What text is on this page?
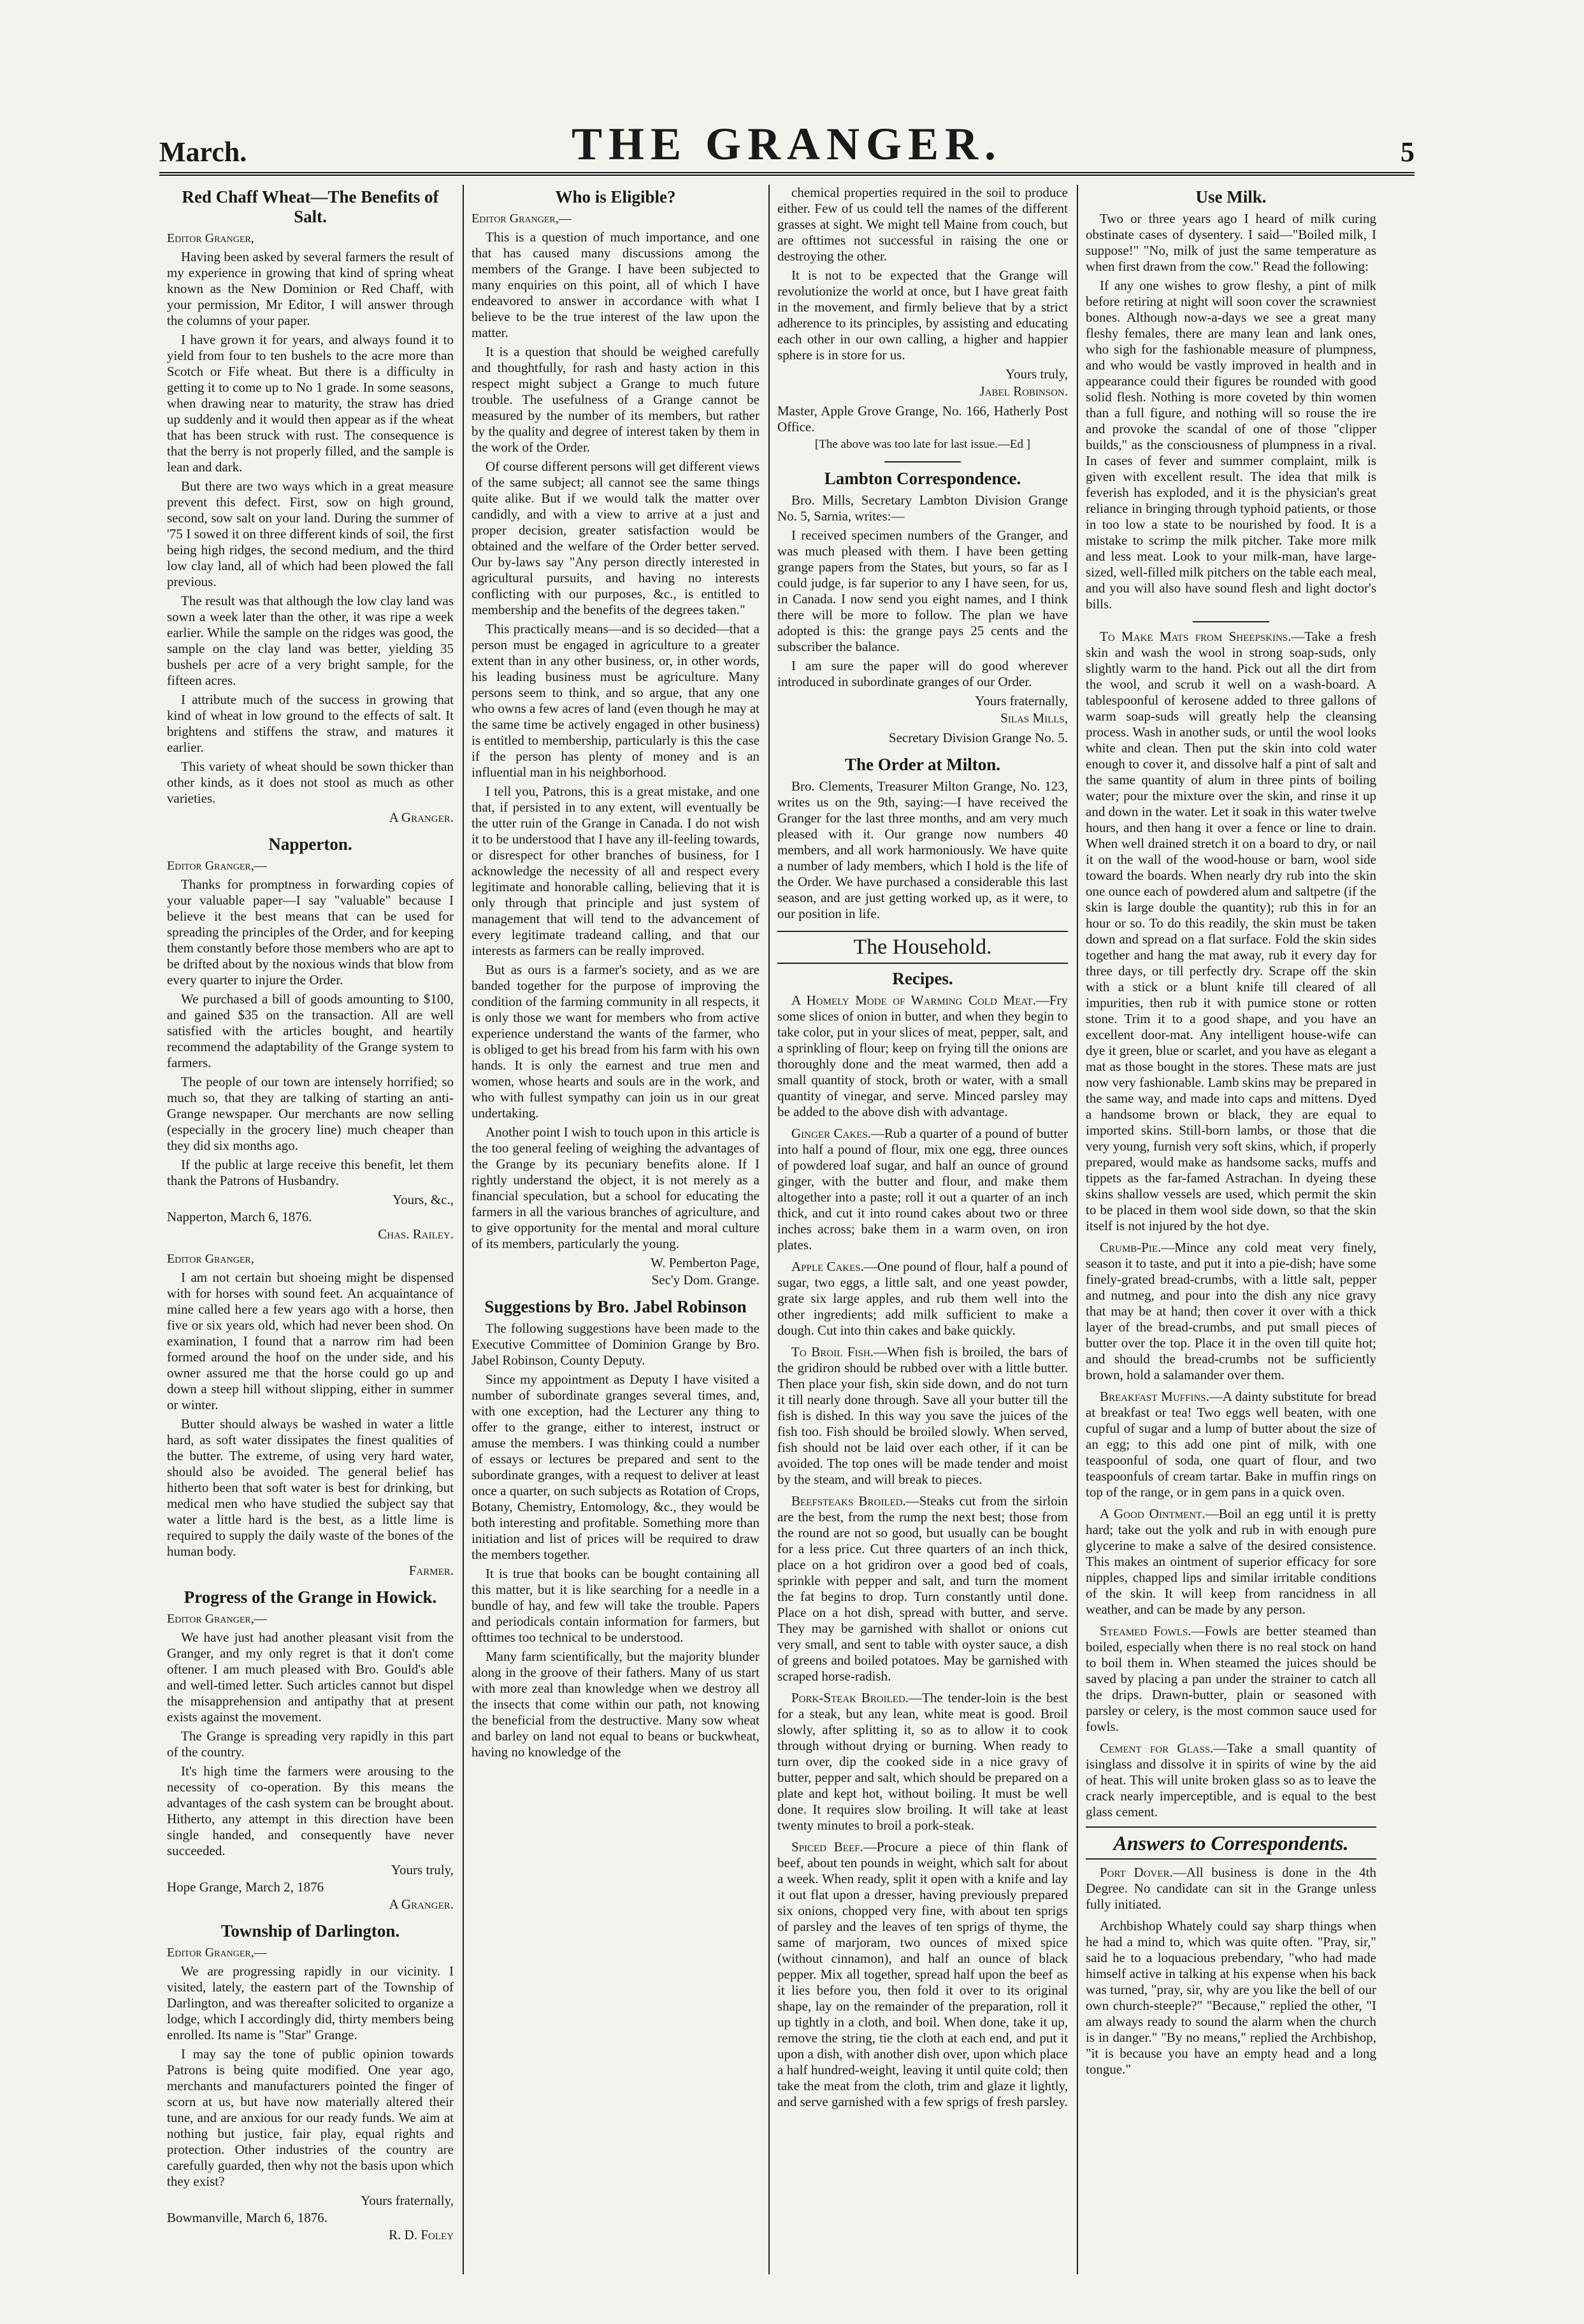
March.	THE GRANGER.	5
Red Chaff Wheat—The Benefits of Salt.
Editor Granger,

Having been asked by several farmers the result of my experience in growing that kind of spring wheat known as the New Dominion or Red Chaff, with your permission, Mr Editor, I will answer through the columns of your paper.

I have grown it for years, and always found it to yield from four to ten bushels to the acre more than Scotch or Fife wheat. But there is a difficulty in getting it to come up to No 1 grade. In some seasons, when drawing near to maturity, the straw has dried up suddenly and it would then appear as if the wheat that has been struck with rust. The consequence is that the berry is not properly filled, and the sample is lean and dark.

But there are two ways which in a great measure prevent this defect. First, sow on high ground, second, sow salt on your land. During the summer of '75 I sowed it on three different kinds of soil, the first being high ridges, the second medium, and the third low clay land, all of which had been plowed the fall previous.

The result was that although the low clay land was sown a week later than the other, it was ripe a week earlier. While the sample on the ridges was good, the sample on the clay land was better, yielding 35 bushels per acre of a very bright sample, for the fifteen acres.

I attribute much of the success in growing that kind of wheat in low ground to the effects of salt. It brightens and stiffens the straw, and matures it earlier.

This variety of wheat should be sown thicker than other kinds, as it does not stool as much as other varieties.

A Granger.
Napperton.
Editor Granger,—

Thanks for promptness in forwarding copies of your valuable paper—I say "valuable" because I believe it the best means that can be used for spreading the principles of the Order, and for keeping them constantly before those members who are apt to be drifted about by the noxious winds that blow from every quarter to injure the Order.

We purchased a bill of goods amounting to $100, and gained $35 on the transaction. All are well satisfied with the articles bought, and heartily recommend the adaptability of the Grange system to farmers.

The people of our town are intensely horrified; so much so, that they are talking of starting an anti-Grange newspaper. Our merchants are now selling (especially in the grocery line) much cheaper than they did six months ago.

If the public at large receive this benefit, let them thank the Patrons of Husbandry.

Yours, &c.,
Napperton, March 6, 1876.
Chas. Railey.
Editor Granger,

I am not certain but shoeing might be dispensed with for horses with sound feet. An acquaintance of mine called here a few years ago with a horse, then five or six years old, which had never been shod. On examination, I found that a narrow rim had been formed around the hoof on the under side, and his owner assured me that the horse could go up and down a steep hill without slipping, either in summer or winter.

Butter should always be washed in water a little hard, as soft water dissipates the finest qualities of the butter. The extreme, of using very hard water, should also be avoided. The general belief has hitherto been that soft water is best for drinking, but medical men who have studied the subject say that water a little hard is the best, as a little lime is required to supply the daily waste of the bones of the human body.

Farmer.
Progress of the Grange in Howick.
Editor Granger,—

We have just had another pleasant visit from the Granger, and my only regret is that it don't come oftener. I am much pleased with Bro. Gould's able and well-timed letter. Such articles cannot but dispel the misapprehension and antipathy that at present exists against the movement.

The Grange is spreading very rapidly in this part of the country.

It's high time the farmers were arousing to the necessity of co-operation. By this means the advantages of the cash system can be brought about. Hitherto, any attempt in this direction have been single handed, and consequently have never succeeded.

Yours truly,
Hope Grange, March 2, 1876
A Granger.
Township of Darlington.
Editor Granger,—

We are progressing rapidly in our vicinity. I visited, lately, the eastern part of the Township of Darlington, and was thereafter solicited to organize a lodge, which I accordingly did, thirty members being enrolled. Its name is "Star" Grange.

I may say the tone of public opinion towards Patrons is being quite modified. One year ago, merchants and manufacturers pointed the finger of scorn at us, but have now materially altered their tune, and are anxious for our ready funds. We aim at nothing but justice, fair play, equal rights and protection. Other industries of the country are carefully guarded, then why not the basis upon which they exist?

Yours fraternally,
Bowmanville, March 6, 1876.
R. D. Foley
Who is Eligible?
Editor Granger,—

This is a question of much importance, and one that has caused many discussions among the members of the Grange. I have been subjected to many enquiries on this point, all of which I have endeavored to answer in accordance with what I believe to be the true interest of the law upon the matter.

It is a question that should be weighed carefully and thoughtfully, for rash and hasty action in this respect might subject a Grange to much future trouble. The usefulness of a Grange cannot be measured by the number of its members, but rather by the quality and degree of interest taken by them in the work of the Order.

Of course different persons will get different views of the same subject; all cannot see the same things quite alike. But if we would talk the matter over candidly, and with a view to arrive at a just and proper decision, greater satisfaction would be obtained and the welfare of the Order better served. Our by-laws say "Any person directly interested in agricultural pursuits, and having no interests conflicting with our purposes, &c., is entitled to membership and the benefits of the degrees taken."

This practically means—and is so decided—that a person must be engaged in agriculture to a greater extent than in any other business, or, in other words, his leading business must be agriculture. Many persons seem to think, and so argue, that any one who owns a few acres of land (even though he may at the same time be actively engaged in other business) is entitled to membership, particularly is this the case if the person has plenty of money and is an influential man in his neighborhood.

I tell you, Patrons, this is a great mistake, and one that, if persisted in to any extent, will eventually be the utter ruin of the Grange in Canada. I do not wish it to be understood that I have any ill-feeling towards, or disrespect for other branches of business, for I acknowledge the necessity of all and respect every legitimate and honorable calling, believing that it is only through that principle and just system of management that will tend to the advancement of every legitimate tradeand calling, and that our interests as farmers can be really improved.

But as ours is a farmer's society, and as we are banded together for the purpose of improving the condition of the farming community in all respects, it is only those we want for members who from active experience understand the wants of the farmer, who is obliged to get his bread from his farm with his own hands. It is only the earnest and true men and women, whose hearts and souls are in the work, and who with fullest sympathy can join us in our great undertaking.

Another point I wish to touch upon in this article is the too general feeling of weighing the advantages of the Grange by its pecuniary benefits alone. If I rightly understand the object, it is not merely as a financial speculation, but a school for educating the farmers in all the various branches of agriculture, and to give opportunity for the mental and moral culture of its members, particularly the young.

W. Pemberton Page,
Sec'y Dom. Grange.
Suggestions by Bro. Jabel Robinson

The following suggestions have been made to the Executive Committee of Dominion Grange by Bro. Jabel Robinson, County Deputy.

Since my appointment as Deputy I have visited a number of subordinate granges several times, and, with one exception, had the Lecturer any thing to offer to the grange, either to interest, instruct or amuse the members. I was thinking could a number of essays or lectures be prepared and sent to the subordinate granges, with a request to deliver at least once a quarter, on such subjects as Rotation of Crops, Botany, Chemistry, Entomology, &c., they would be both interesting and profitable. Something more than initiation and list of prices will be required to draw the members together.

It is true that books can be bought containing all this matter, but it is like searching for a needle in a bundle of hay, and few will take the trouble. Papers and periodicals contain information for farmers, but ofttimes too technical to be understood.

Many farm scientifically, but the majority blunder along in the groove of their fathers. Many of us start with more zeal than knowledge when we destroy all the insects that come within our path, not knowing the beneficial from the destructive. Many sow wheat and barley on land not equal to beans or buckwheat, having no knowledge of the

chemical properties required in the soil to produce either. Few of us could tell the names of the different grasses at sight. We might tell Maine from couch, but are ofttimes not successful in raising the one or destroying the other.

It is not to be expected that the Grange will revolutionize the world at once, but I have great faith in the movement, and firmly believe that by a strict adherence to its principles, by assisting and educating each other in our own calling, a higher and happier sphere is in store for us.

Yours truly,
Jabel Robinson.
Master, Apple Grove Grange, No. 166, Hatherly Post Office.
[The above was too late for last issue.—Ed ]
Lambton Correspondence.

Bro. Mills, Secretary Lambton Division Grange No. 5, Sarnia, writes:—

I received specimen numbers of the Granger, and was much pleased with them. I have been getting grange papers from the States, but yours, so far as I could judge, is far superior to any I have seen, for us, in Canada. I now send you eight names, and I think there will be more to follow. The plan we have adopted is this: the grange pays 25 cents and the subscriber the balance.

I am sure the paper will do good wherever introduced in subordinate granges of our Order.

Yours fraternally,
Silas Mills,
Secretary Division Grange No. 5.
The Order at Milton.

Bro. Clements, Treasurer Milton Grange, No. 123, writes us on the 9th, saying:—I have received the Granger for the last three months, and am very much pleased with it. Our grange now numbers 40 members, and all work harmoniously. We have quite a number of lady members, which I hold is the life of the Order. We have purchased a considerable this last season, and are just getting worked up, as it were, to our position in life.

The Household.
Recipes.

A Homely Mode of Warming Cold Meat.—Fry some slices of onion in butter, and when they begin to take color, put in your slices of meat, pepper, salt, and a sprinkling of flour; keep on frying till the onions are thoroughly done and the meat warmed, then add a small quantity of stock, broth or water, with a small quantity of vinegar, and serve. Minced parsley may be added to the above dish with advantage.

Ginger Cakes.—Rub a quarter of a pound of butter into half a pound of flour, mix one egg, three ounces of powdered loaf sugar, and half an ounce of ground ginger, with the butter and flour, and make them altogether into a paste; roll it out a quarter of an inch thick, and cut it into round cakes about two or three inches across; bake them in a warm oven, on iron plates.

Apple Cakes.—One pound of flour, half a pound of sugar, two eggs, a little salt, and one yeast powder, grate six large apples, and rub them well into the other ingredients; add milk sufficient to make a dough. Cut into thin cakes and bake quickly.

To Broil Fish.—When fish is broiled, the bars of the gridiron should be rubbed over with a little butter. Then place your fish, skin side down, and do not turn it till nearly done through. Save all your butter till the fish is dished. In this way you save the juices of the fish too. Fish should be broiled slowly. When served, fish should not be laid over each other, if it can be avoided. The top ones will be made tender and moist by the steam, and will break to pieces.

Beefsteaks Broiled.—Steaks cut from the sirloin are the best, from the rump the next best; those from the round are not so good, but usually can be bought for a less price. Cut three quarters of an inch thick, place on a hot gridiron over a good bed of coals, sprinkle with pepper and salt, and turn the moment the fat begins to drop. Turn constantly until done. Place on a hot dish, spread with butter, and serve. They may be garnished with shallot or onions cut very small, and sent to table with oyster sauce, a dish of greens and boiled potatoes. May be garnished with scraped horse-radish.

Pork-Steak Broiled.—The tender-loin is the best for a steak, but any lean, white meat is good. Broil slowly, after splitting it, so as to allow it to cook through without drying or burning. When ready to turn over, dip the cooked side in a nice gravy of butter, pepper and salt, which should be prepared on a plate and kept hot, without boiling. It must be well done. It requires slow broiling. It will take at least twenty minutes to broil a pork-steak.

Spiced Beef.—Procure a piece of thin flank of beef, about ten pounds in weight, which salt for about a week. When ready, split it open with a knife and lay it out flat upon a dresser, having previously prepared six onions, chopped very fine, with about ten sprigs of parsley and the leaves of ten sprigs of thyme, the same of marjoram, two ounces of mixed spice (without cinnamon), and half an ounce of black pepper. Mix all together, spread half upon the beef as it lies before you, then fold it over to its original shape, lay on the remainder of the preparation, roll it up tightly in a cloth, and boil. When done, take it up, remove the string, tie the cloth at each end, and put it upon a dish, with another dish over, upon which place a half hundred-weight, leaving it until quite cold; then take the meat from the cloth, trim and glaze it lightly, and serve garnished with a few sprigs of fresh parsley.

Use Milk.

Two or three years ago I heard of milk curing obstinate cases of dysentery. I said—"Boiled milk, I suppose!" "No, milk of just the same temperature as when first drawn from the cow." Read the following:

If any one wishes to grow fleshy, a pint of milk before retiring at night will soon cover the scrawniest bones. Although now-a-days we see a great many fleshy females, there are many lean and lank ones, who sigh for the fashionable measure of plumpness, and who would be vastly improved in health and in appearance could their figures be rounded with good solid flesh. Nothing is more coveted by thin women than a full figure, and nothing will so rouse the ire and provoke the scandal of one of those "clipper builds," as the consciousness of plumpness in a rival. In cases of fever and summer complaint, milk is given with excellent result. The idea that milk is feverish has exploded, and it is the physician's great reliance in bringing through typhoid patients, or those in too low a state to be nourished by food. It is a mistake to scrimp the milk pitcher. Take more milk and less meat. Look to your milk-man, have large-sized, well-filled milk pitchers on the table each meal, and you will also have sound flesh and light doctor's bills.

To Make Mats from Sheepskins.—Take a fresh skin and wash the wool in strong soap-suds, only slightly warm to the hand. Pick out all the dirt from the wool, and scrub it well on a wash-board. A tablespoonful of kerosene added to three gallons of warm soap-suds will greatly help the cleansing process. Wash in another suds, or until the wool looks white and clean. Then put the skin into cold water enough to cover it, and dissolve half a pint of salt and the same quantity of alum in three pints of boiling water; pour the mixture over the skin, and rinse it up and down in the water. Let it soak in this water twelve hours, and then hang it over a fence or line to drain. When well drained stretch it on a board to dry, or nail it on the wall of the wood-house or barn, wool side toward the boards. When nearly dry rub into the skin one ounce each of powdered alum and saltpetre (if the skin is large double the quantity); rub this in for an hour or so. To do this readily, the skin must be taken down and spread on a flat surface. Fold the skin sides together and hang the mat away, rub it every day for three days, or till perfectly dry. Scrape off the skin with a stick or a blunt knife till cleared of all impurities, then rub it with pumice stone or rotten stone. Trim it to a good shape, and you have an excellent door-mat. Any intelligent house-wife can dye it green, blue or scarlet, and you have as elegant a mat as those bought in the stores. These mats are just now very fashionable. Lamb skins may be prepared in the same way, and made into caps and mittens. Dyed a handsome brown or black, they are equal to imported skins. Still-born lambs, or those that die very young, furnish very soft skins, which, if properly prepared, would make as handsome sacks, muffs and tippets as the far-famed Astrachan. In dyeing these skins shallow vessels are used, which permit the skin to be placed in them wool side down, so that the skin itself is not injured by the hot dye.

Crumb-Pie.—Mince any cold meat very finely, season it to taste, and put it into a pie-dish; have some finely-grated bread-crumbs, with a little salt, pepper and nutmeg, and pour into the dish any nice gravy that may be at hand; then cover it over with a thick layer of the bread-crumbs, and put small pieces of butter over the top. Place it in the oven till quite hot; and should the bread-crumbs not be sufficiently brown, hold a salamander over them.

Breakfast Muffins.—A dainty substitute for bread at breakfast or tea! Two eggs well beaten, with one cupful of sugar and a lump of butter about the size of an egg; to this add one pint of milk, with one teaspoonful of soda, one quart of flour, and two teaspoonfuls of cream tartar. Bake in muffin rings on top of the range, or in gem pans in a quick oven.

A Good Ointment.—Boil an egg until it is pretty hard; take out the yolk and rub in with enough pure glycerine to make a salve of the desired consistence. This makes an ointment of superior efficacy for sore nipples, chapped lips and similar irritable conditions of the skin. It will keep from rancidness in all weather, and can be made by any person.

Steamed Fowls.—Fowls are better steamed than boiled, especially when there is no real stock on hand to boil them in. When steamed the juices should be saved by placing a pan under the strainer to catch all the drips. Drawn-butter, plain or seasoned with parsley or celery, is the most common sauce used for fowls.

Cement for Glass.—Take a small quantity of isinglass and dissolve it in spirits of wine by the aid of heat. This will unite broken glass so as to leave the crack nearly imperceptible, and is equal to the best glass cement.

Answers to Correspondents.

Port Dover.—All business is done in the 4th Degree. No candidate can sit in the Grange unless fully initiated.

Archbishop Whately could say sharp things when he had a mind to, which was quite often. "Pray, sir," said he to a loquacious prebendary, "who had made himself active in talking at his expense when his back was turned, "pray, sir, why are you like the bell of our own church-steeple?" "Because," replied the other, "I am always ready to sound the alarm when the church is in danger." "By no means," replied the Archbishop, "it is because you have an empty head and a long tongue."
